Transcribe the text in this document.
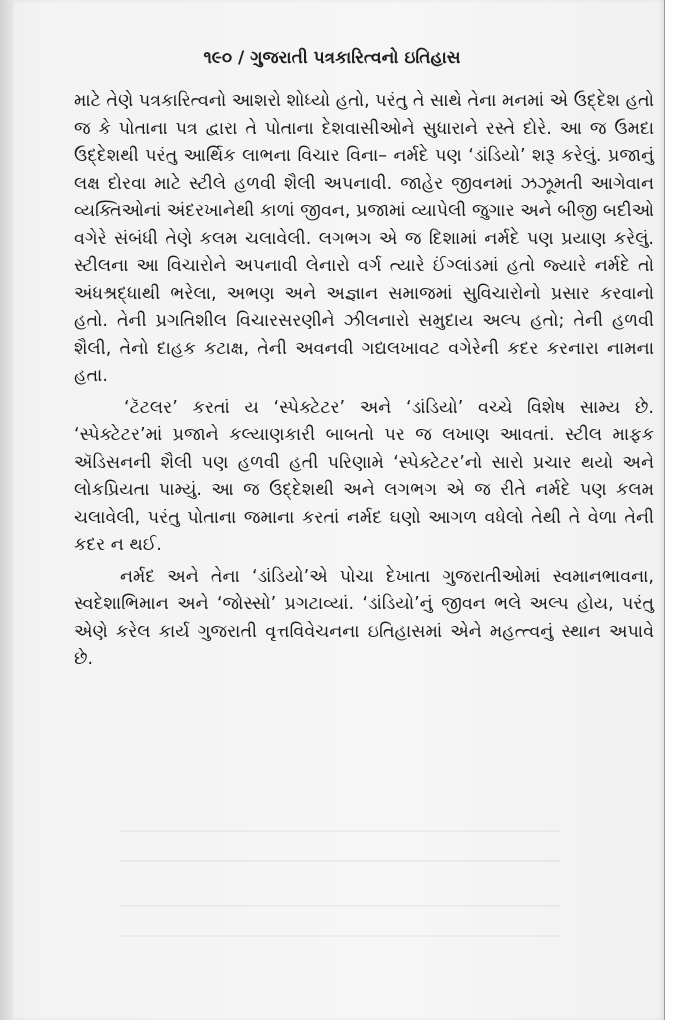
૧૯૦ / ગુજરાતી પત્રકારિત્વનો ઇતિહાસ

માટે તેણે પત્રકારિત્વનો આશરો શોધ્યો હતો, પરંતુ તે સાથે તેના મનમાં એ ઉદ્દેશ હતો જ કે પોતાના પત્ર દ્વારા તે પોતાના દેશવાસીઓને સુધારાને રસ્તે દોરે. આ જ ઉમદા ઉદ્દેશથી પરંતુ આર્થિક લાભના વિચાર વિના– નર્મદે પણ ‘ડાંડિયો’ શરૂ કરેલું. પ્રજાનું લક્ષ દોરવા માટે સ્ટીલે હળવી શૈલી અપનાવી. જાહેર જીવનમાં ઝઝૂમતી આગેવાન વ્યક્તિઓનાં અંદરખાનેથી કાળાં જીવન, પ્રજામાં વ્યાપેલી જુગાર અને બીજી બદીઓ વગેરે સંબંધી તેણે કલમ ચલાવેલી. લગભગ એ જ દિશામાં નર્મદે પણ પ્રયાણ કરેલું. સ્ટીલના આ વિચારોને અપનાવી લેનારો વર્ગ ત્યારે ઈંગ્લાંડમાં હતો જ્યારે નર્મદે તો અંધશ્રદ્ધાથી ભરેલા, અભણ અને અજ્ઞાન સમાજમાં સુવિચારોનો પ્રસાર કરવાનો હતો. તેની પ્રગતિશીલ વિચારસરણીને ઝીલનારો સમુદાય અલ્પ હતો; તેની હળવી શૈલી, તેનો દાહક કટાક્ષ, તેની અવનવી ગદ્યલખાવટ વગેરેની કદર કરનારા નામના હતા.

‘ટૅટલર’ કરતાં ય ‘સ્પેક્ટેટર’ અને ‘ડાંડિયો’ વચ્ચે વિશેષ સામ્ય છે. ‘સ્પેક્ટેટર’માં પ્રજાને કલ્યાણકારી બાબતો પર જ લખાણ આવતાં. સ્ટીલ માફક ઍડિસનની શૈલી પણ હળવી હતી પરિણામે ‘સ્પેક્ટેટર’નો સારો પ્રચાર થયો અને લોકપ્રિયતા પામ્યું. આ જ ઉદ્દેશથી અને લગભગ એ જ રીતે નર્મદે પણ કલમ ચલાવેલી, પરંતુ પોતાના જમાના કરતાં નર્મદ ઘણો આગળ વધેલો તેથી તે વેળા તેની કદર ન થઈ.

નર્મદ અને તેના ‘ડાંડિયો’એ પોચા દેખાતા ગુજરાતીઓમાં સ્વમાનભાવના, સ્વદેશાભિમાન અને ‘જોસ્સો’ પ્રગટાવ્યાં. ‘ડાંડિયો’નું જીવન ભલે અલ્પ હોય, પરંતુ એણે કરેલ કાર્ય ગુજરાતી વૃત્તવિવેચનના ઇતિહાસમાં એને મહત્ત્વનું સ્થાન અપાવે છે.
